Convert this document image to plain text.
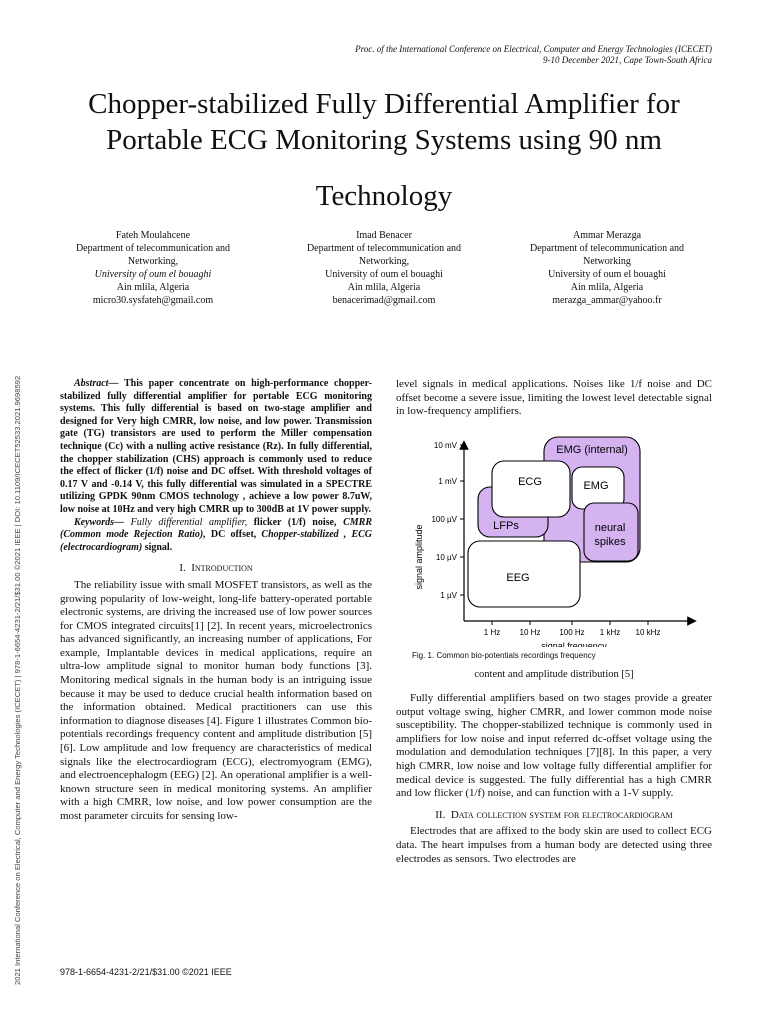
2021 International Conference on Electrical, Computer and Energy Technologies (ICECET) | 978-1-6654-4231-2/21/$31.00 ©2021 IEEE | DOI: 10.1109/ICECET52533.2021.9698592
Proc. of the International Conference on Electrical, Computer and Energy Technologies (ICECET)
9-10 December 2021, Cape Town-South Africa
Chopper-stabilized Fully Differential Amplifier for
Portable ECG Monitoring Systems using 90 nm
Technology
Fateh Moulahcene
Department of telecommunication and
Networking,
University of oum el bouaghi
Ain mlila, Algeria
micro30.sysfateh@gmail.com
Imad Benacer
Department of telecommunication and
Networking,
University of oum el bouaghi
Ain mlila, Algeria
benacerimad@gmail.com
Ammar Merazga
Department of telecommunication and
Networking
University of oum el bouaghi
Ain mlila, Algeria
merazga_ammar@yahoo.fr

Abstract— This paper concentrate on high-performance chopper-stabilized fully differential amplifier for portable ECG monitoring systems. This fully differential is based on two-stage amplifier and designed for Very high CMRR, low noise, and low power. Transmission gate (TG) transistors are used to perform the Miller compensation technique (Cc) with a nulling active resistance (Rz). In fully differential, the chopper stabilization (CHS) approach is commonly used to reduce the effect of flicker (1/f) noise and DC offset. With threshold voltages of 0.17 V and -0.14 V, this fully differential was simulated in a SPECTRE utilizing GPDK 90nm CMOS technology , achieve a low power 8.7uW, low noise at 10Hz and very high CMRR up to 300dB at 1V power supply.

Keywords— Fully differential amplifier, flicker (1/f) noise, CMRR (Common mode Rejection Ratio), DC offset, Chopper-stabilized , ECG (electrocardiogram) signal.

I. Introduction

The reliability issue with small MOSFET transistors, as well as the growing popularity of low-weight, long-life battery-operated portable electronic systems, are driving the increased use of low power sources for CMOS integrated circuits[1] [2]. In recent years, microelectronics has advanced significantly, an increasing number of applications, For example, Implantable devices in medical applications, require an ultra-low amplitude signal to monitor human body functions [3]. Monitoring medical signals in the human body is an intriguing issue because it may be used to deduce crucial health information based on the information obtained. Medical practitioners can use this information to diagnose diseases [4]. Figure 1 illustrates Common bio-potentials recordings frequency content and amplitude distribution [5][6]. Low amplitude and low frequency are characteristics of medical signals like the electrocardiogram (ECG), electromyogram (EMG), and electroencephalogm (EEG) [2]. An operational amplifier is a well-known structure seen in medical monitoring systems. An amplifier with a high CMRR, low noise, and low power consumption are the most parameter circuits for sensing low-

level signals in medical applications. Noises like 1/f noise and DC offset become a severe issue, limiting the lowest level detectable signal in low-frequency amplifiers.

10 mV
1 mV
100 µV
10 µV
1 µV
1 Hz 10 Hz 100 Hz 1 kHz 10 kHz
signal amplitude
signal frequency
EMG (internal)
ECG	EMG
LFPs	neural
spikes
EEG
Fig. 1. Common bio-potentials recordings frequency
content and amplitude distribution [5]

Fully differential amplifiers based on two stages provide a greater output voltage swing, higher CMRR, and lower common mode noise susceptibility. The chopper-stabilized technique is commonly used in amplifiers for low noise and input referred dc-offset voltage using the modulation and demodulation techniques [7][8]. In this paper, a very high CMRR, low noise and low voltage fully differential amplifier for medical device is suggested. The fully differential has a high CMRR and low flicker (1/f) noise, and can function with a 1-V supply.

II. Data collection system for electrocardiogram

Electrodes that are affixed to the body skin are used to collect ECG data. The heart impulses from a human body are detected using three electrodes as sensors. Two electrodes are

978-1-6654-4231-2/21/$31.00 ©2021 IEEE
